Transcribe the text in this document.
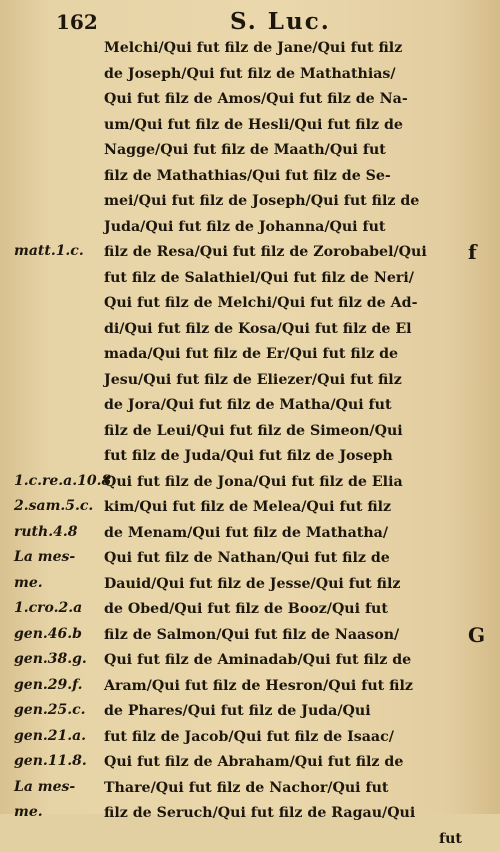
162	S. Luc.
matt.1.c.
1.c.re.a.10.8
2.sam.5.c.
ruth.4.8
La mes-
me.
1.cro.2.a
gen.46.b
gen.38.g.
gen.29.f.
gen.25.c.
gen.21.a.
gen.11.8.
La mes-
me.
Melchi/Qui fut filz de Jane/Qui fut filz
de Joseph/Qui fut filz de Mathathias/
Qui fut filz de Amos/Qui fut filz de Na-
um/Qui fut filz de Hesli/Qui fut filz de
Nagge/Qui fut filz de Maath/Qui fut
filz de Mathathias/Qui fut filz de Se-
mei/Qui fut filz de Joseph/Qui fut filz de
Juda/Qui fut filz de Johanna/Qui fut
filz de Resa/Qui fut filz de Zorobabel/Qui
fut filz de Salathiel/Qui fut filz de Neri/
Qui fut filz de Melchi/Qui fut filz de Ad-
di/Qui fut filz de Kosa/Qui fut filz de El
mada/Qui fut filz de Er/Qui fut filz de
Jesu/Qui fut filz de Eliezer/Qui fut filz
de Jora/Qui fut filz de Matha/Qui fut
filz de Leui/Qui fut filz de Simeon/Qui
fut filz de Juda/Qui fut filz de Joseph
Qui fut filz de Jona/Qui fut filz de Elia
kim/Qui fut filz de Melea/Qui fut filz
de Menam/Qui fut filz de Mathatha/
Qui fut filz de Nathan/Qui fut filz de
Dauid/Qui fut filz de Jesse/Qui fut filz
de Obed/Qui fut filz de Booz/Qui fut
filz de Salmon/Qui fut filz de Naason/
Qui fut filz de Aminadab/Qui fut filz de
Aram/Qui fut filz de Hesron/Qui fut filz
de Phares/Qui fut filz de Juda/Qui
fut filz de Jacob/Qui fut filz de Isaac/
Qui fut filz de Abraham/Qui fut filz de
Thare/Qui fut filz de Nachor/Qui fut
filz de Seruch/Qui fut filz de Ragau/Qui
fut
f
G
